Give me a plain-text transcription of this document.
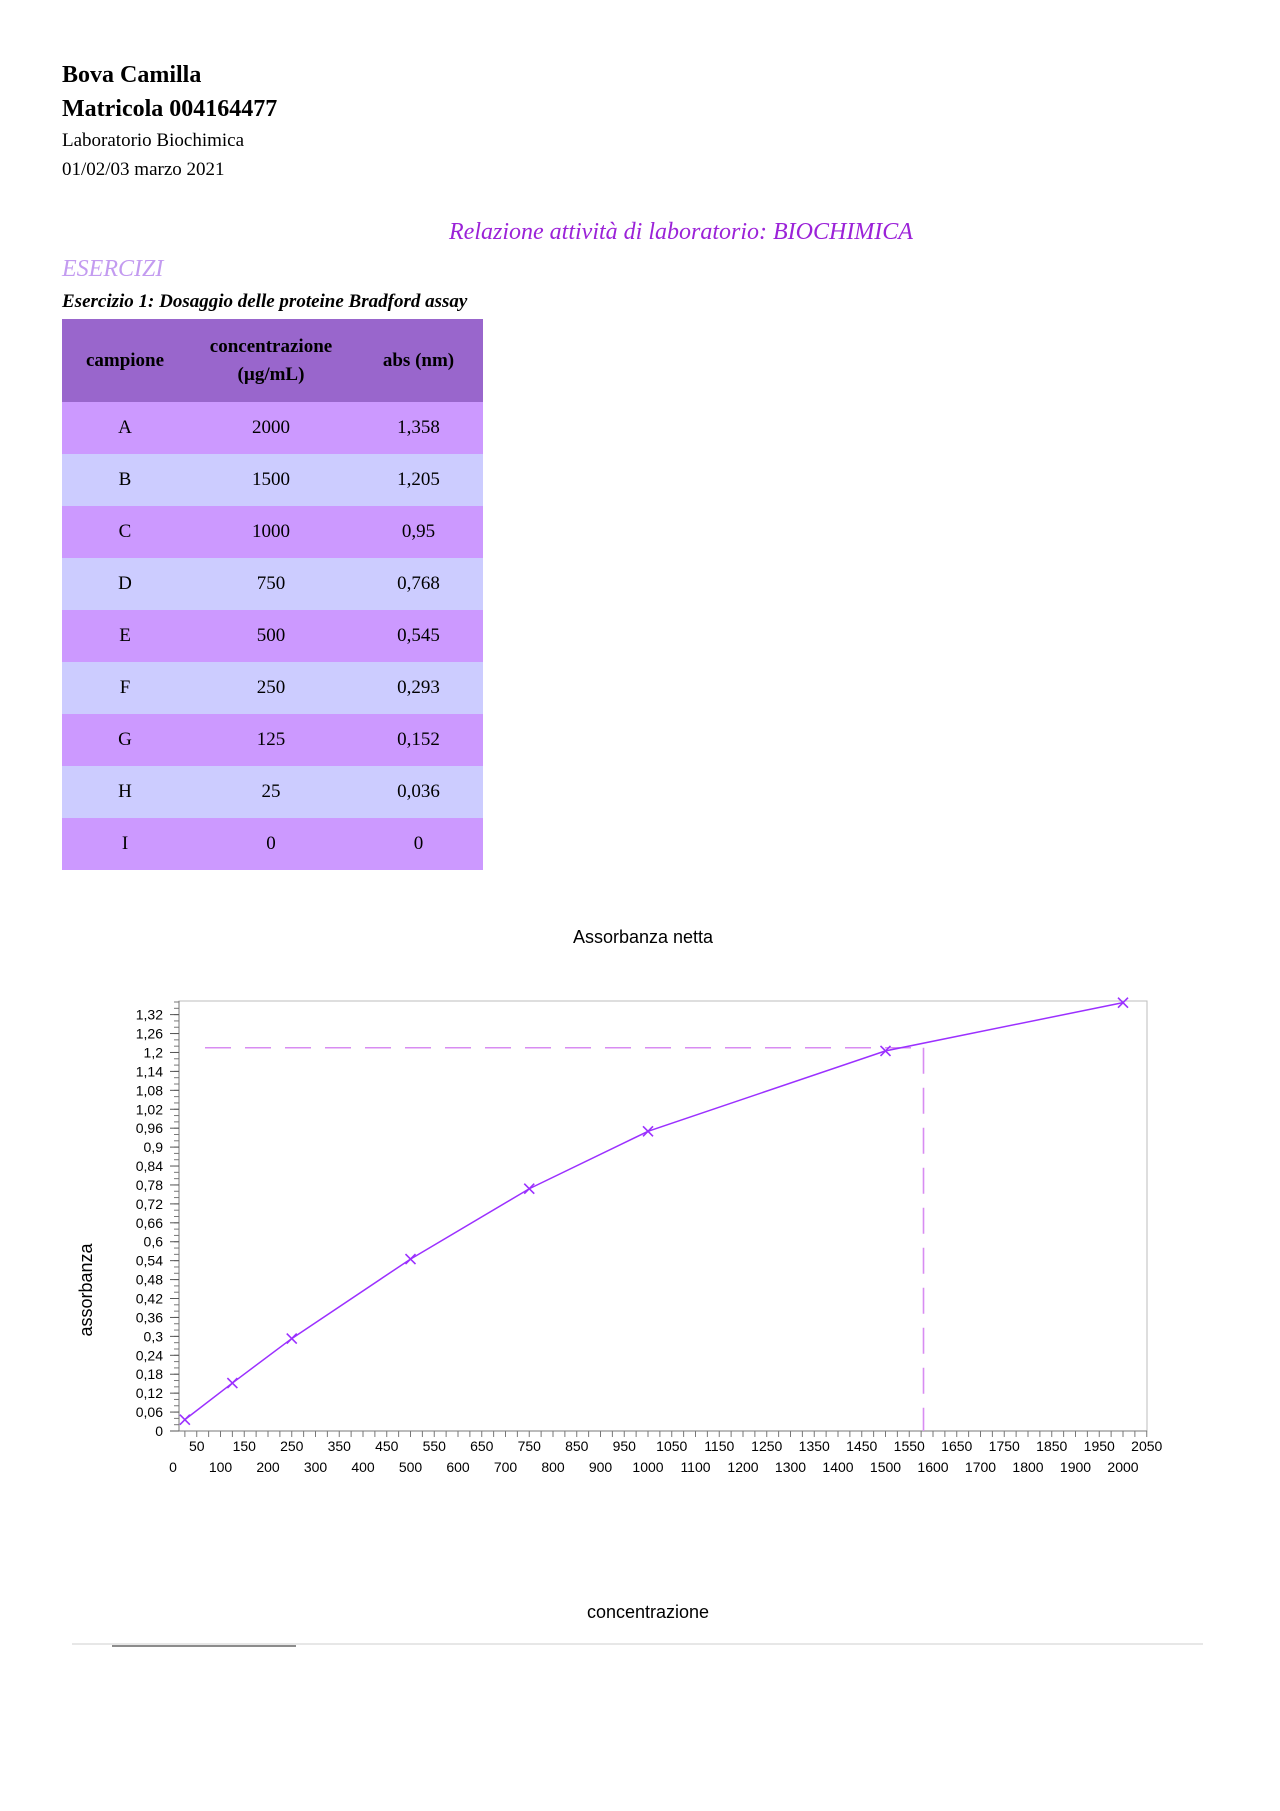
Bova Camilla
Matricola 004164477
Laboratorio Biochimica
01/02/03 marzo 2021
Relazione attività di laboratorio: BIOCHIMICA
ESERCIZI
Esercizio 1: Dosaggio delle proteine Bradford assay
campione	concentrazione (µg/mL)	abs (nm)
A	2000	1,358
B	1500	1,205
C	1000	0,95
D	750	0,768
E	500	0,545
F	250	0,293
G	125	0,152
H	25	0,036
I	0	0
Assorbanza netta
0
0,06
0,12
0,18
0,24
0,3
0,36
0,42
0,48
0,54
0,6
0,66
0,72
0,78
0,84
0,9
0,96
1,02
1,08
1,14
1,2
1,26
1,32
50 150 250 350 450 550 650 750 850 950 1050 1150 1250 1350 1450 1550 1650 1750 1850 1950 2050
0 100 200 300 400 500 600 700 800 900 1000 1100 1200 1300 1400 1500 1600 1700 1800 1900 2000
concentrazione
assorbanza
